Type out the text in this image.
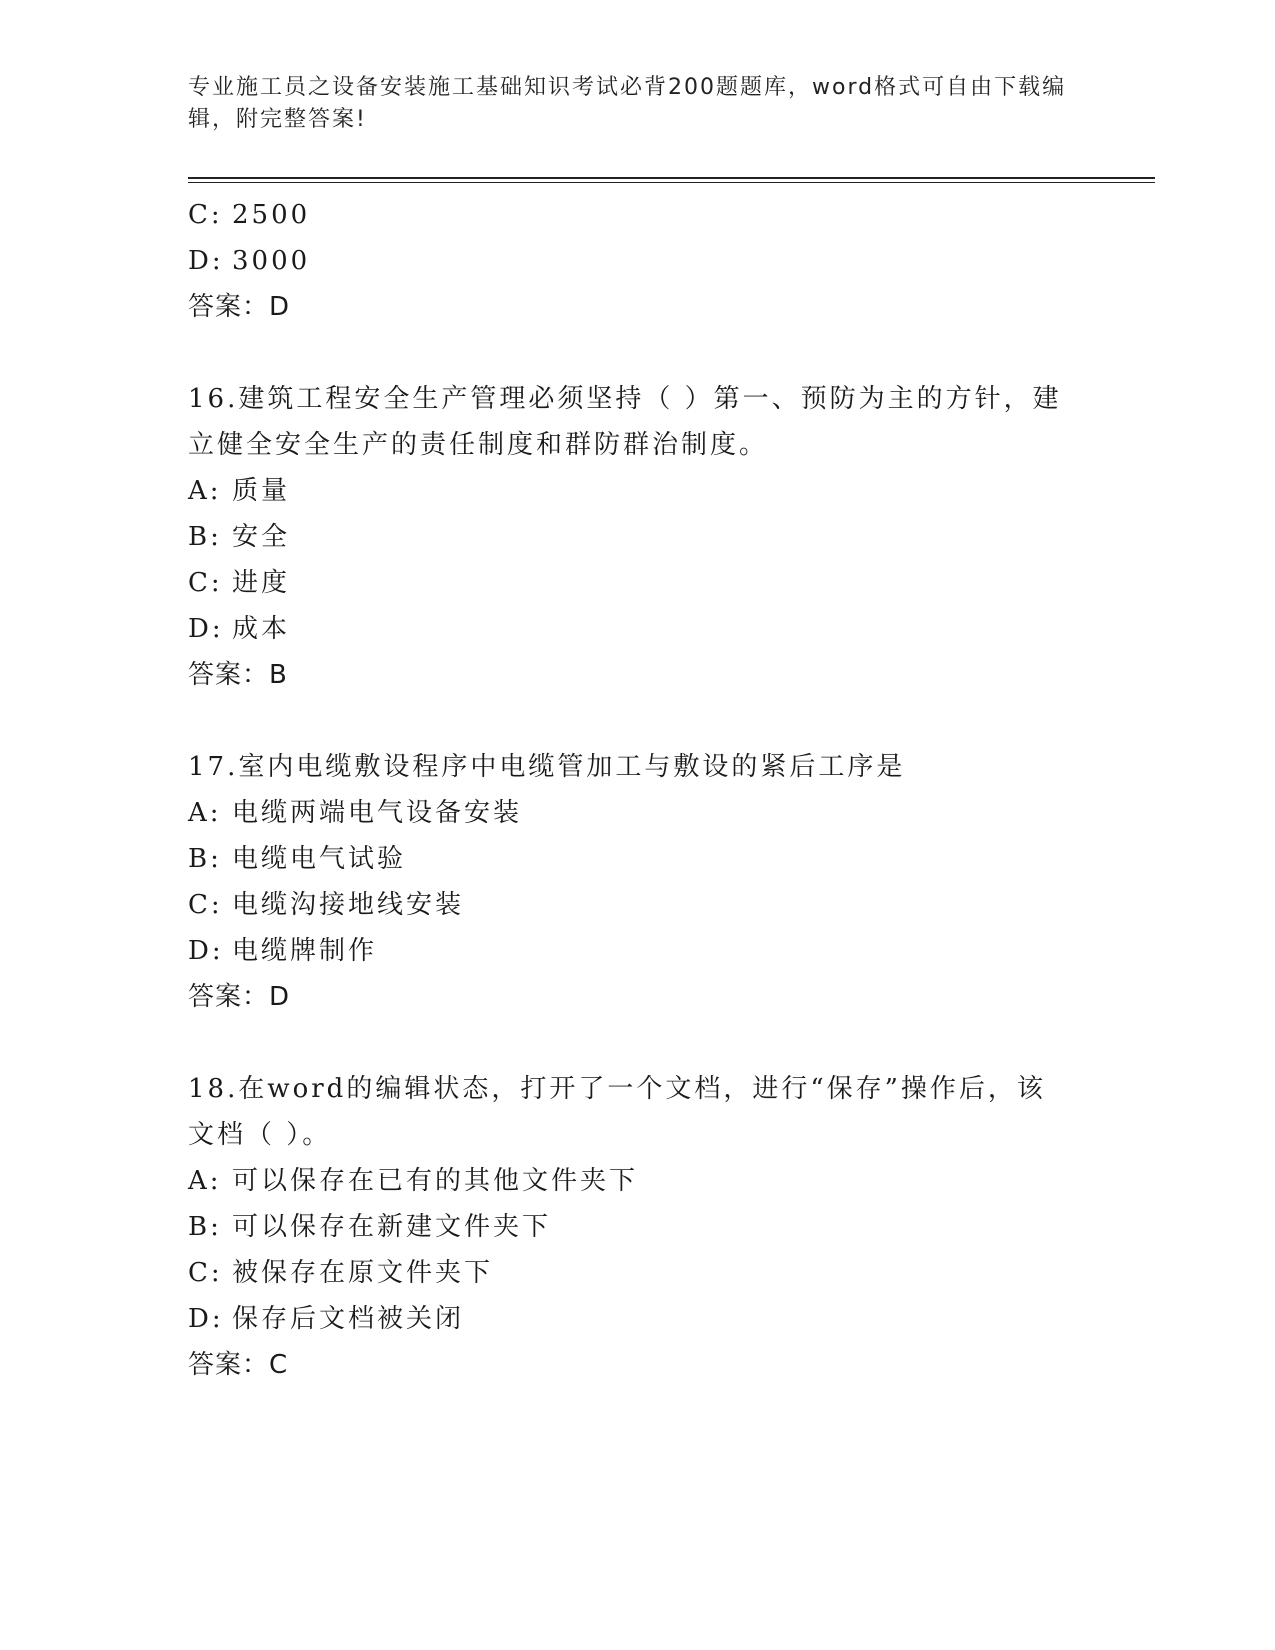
专业施工员之设备安装施工基础知识考试必背200题题库，word格式可自由下载编辑，附完整答案!
C: 2500
D: 3000
答案：D
16.建筑工程安全生产管理必须坚持（ ）第一、预防为主的方针，建
立健全安全生产的责任制度和群防群治制度。
A: 质量
B: 安全
C: 进度
D: 成本
答案：B
17.室内电缆敷设程序中电缆管加工与敷设的紧后工序是
A: 电缆两端电气设备安装
B: 电缆电气试验
C: 电缆沟接地线安装
D: 电缆牌制作
答案：D
18.在word的编辑状态，打开了一个文档，进行“保存”操作后，该
文档（ ）。
A: 可以保存在已有的其他文件夹下
B: 可以保存在新建文件夹下
C: 被保存在原文件夹下
D: 保存后文档被关闭
答案：C
